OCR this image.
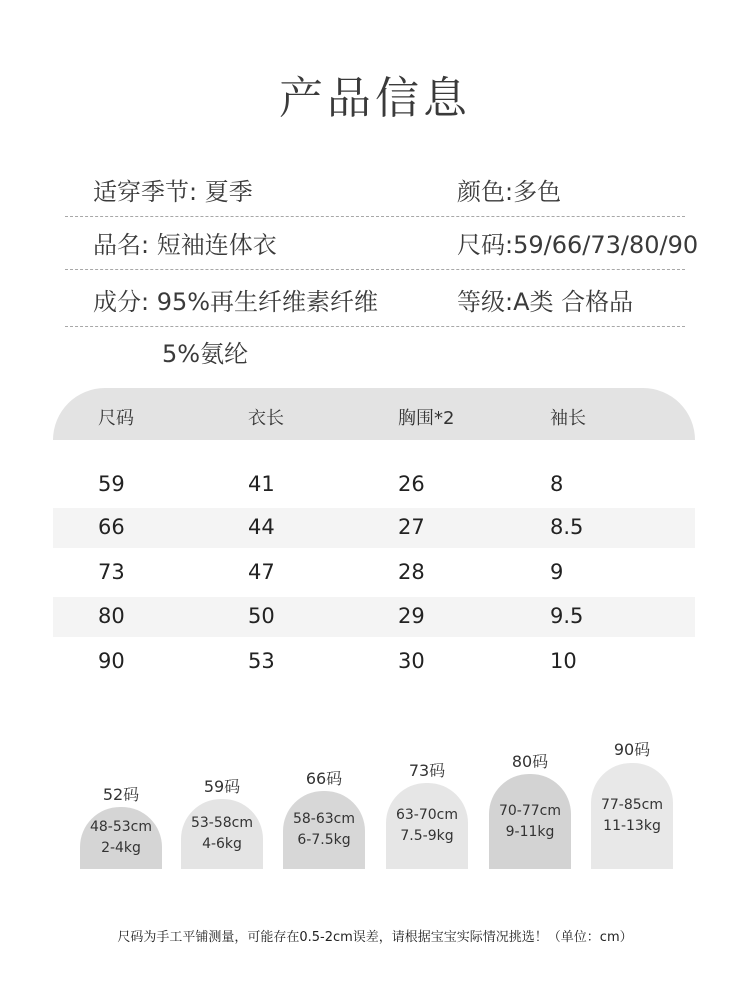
产品信息
适穿季节: 夏季	颜色:多色
品名: 短袖连体衣	尺码:59/66/73/80/90
成分: 95%再生纤维素纤维	等级:A类 合格品
5%氨纶
尺码	衣长	胸围*2	袖长
59	41	26	8
66	44	27	8.5
73	47	28	9
80	50	29	9.5
90	53	30	10
52码
48-53cm
2-4kg
59码
53-58cm
4-6kg
66码
58-63cm
6-7.5kg
73码
63-70cm
7.5-9kg
80码
70-77cm
9-11kg
90码
77-85cm
11-13kg
尺码为手工平铺测量，可能存在0.5-2cm误差，请根据宝宝实际情况挑选！（单位：cm）
